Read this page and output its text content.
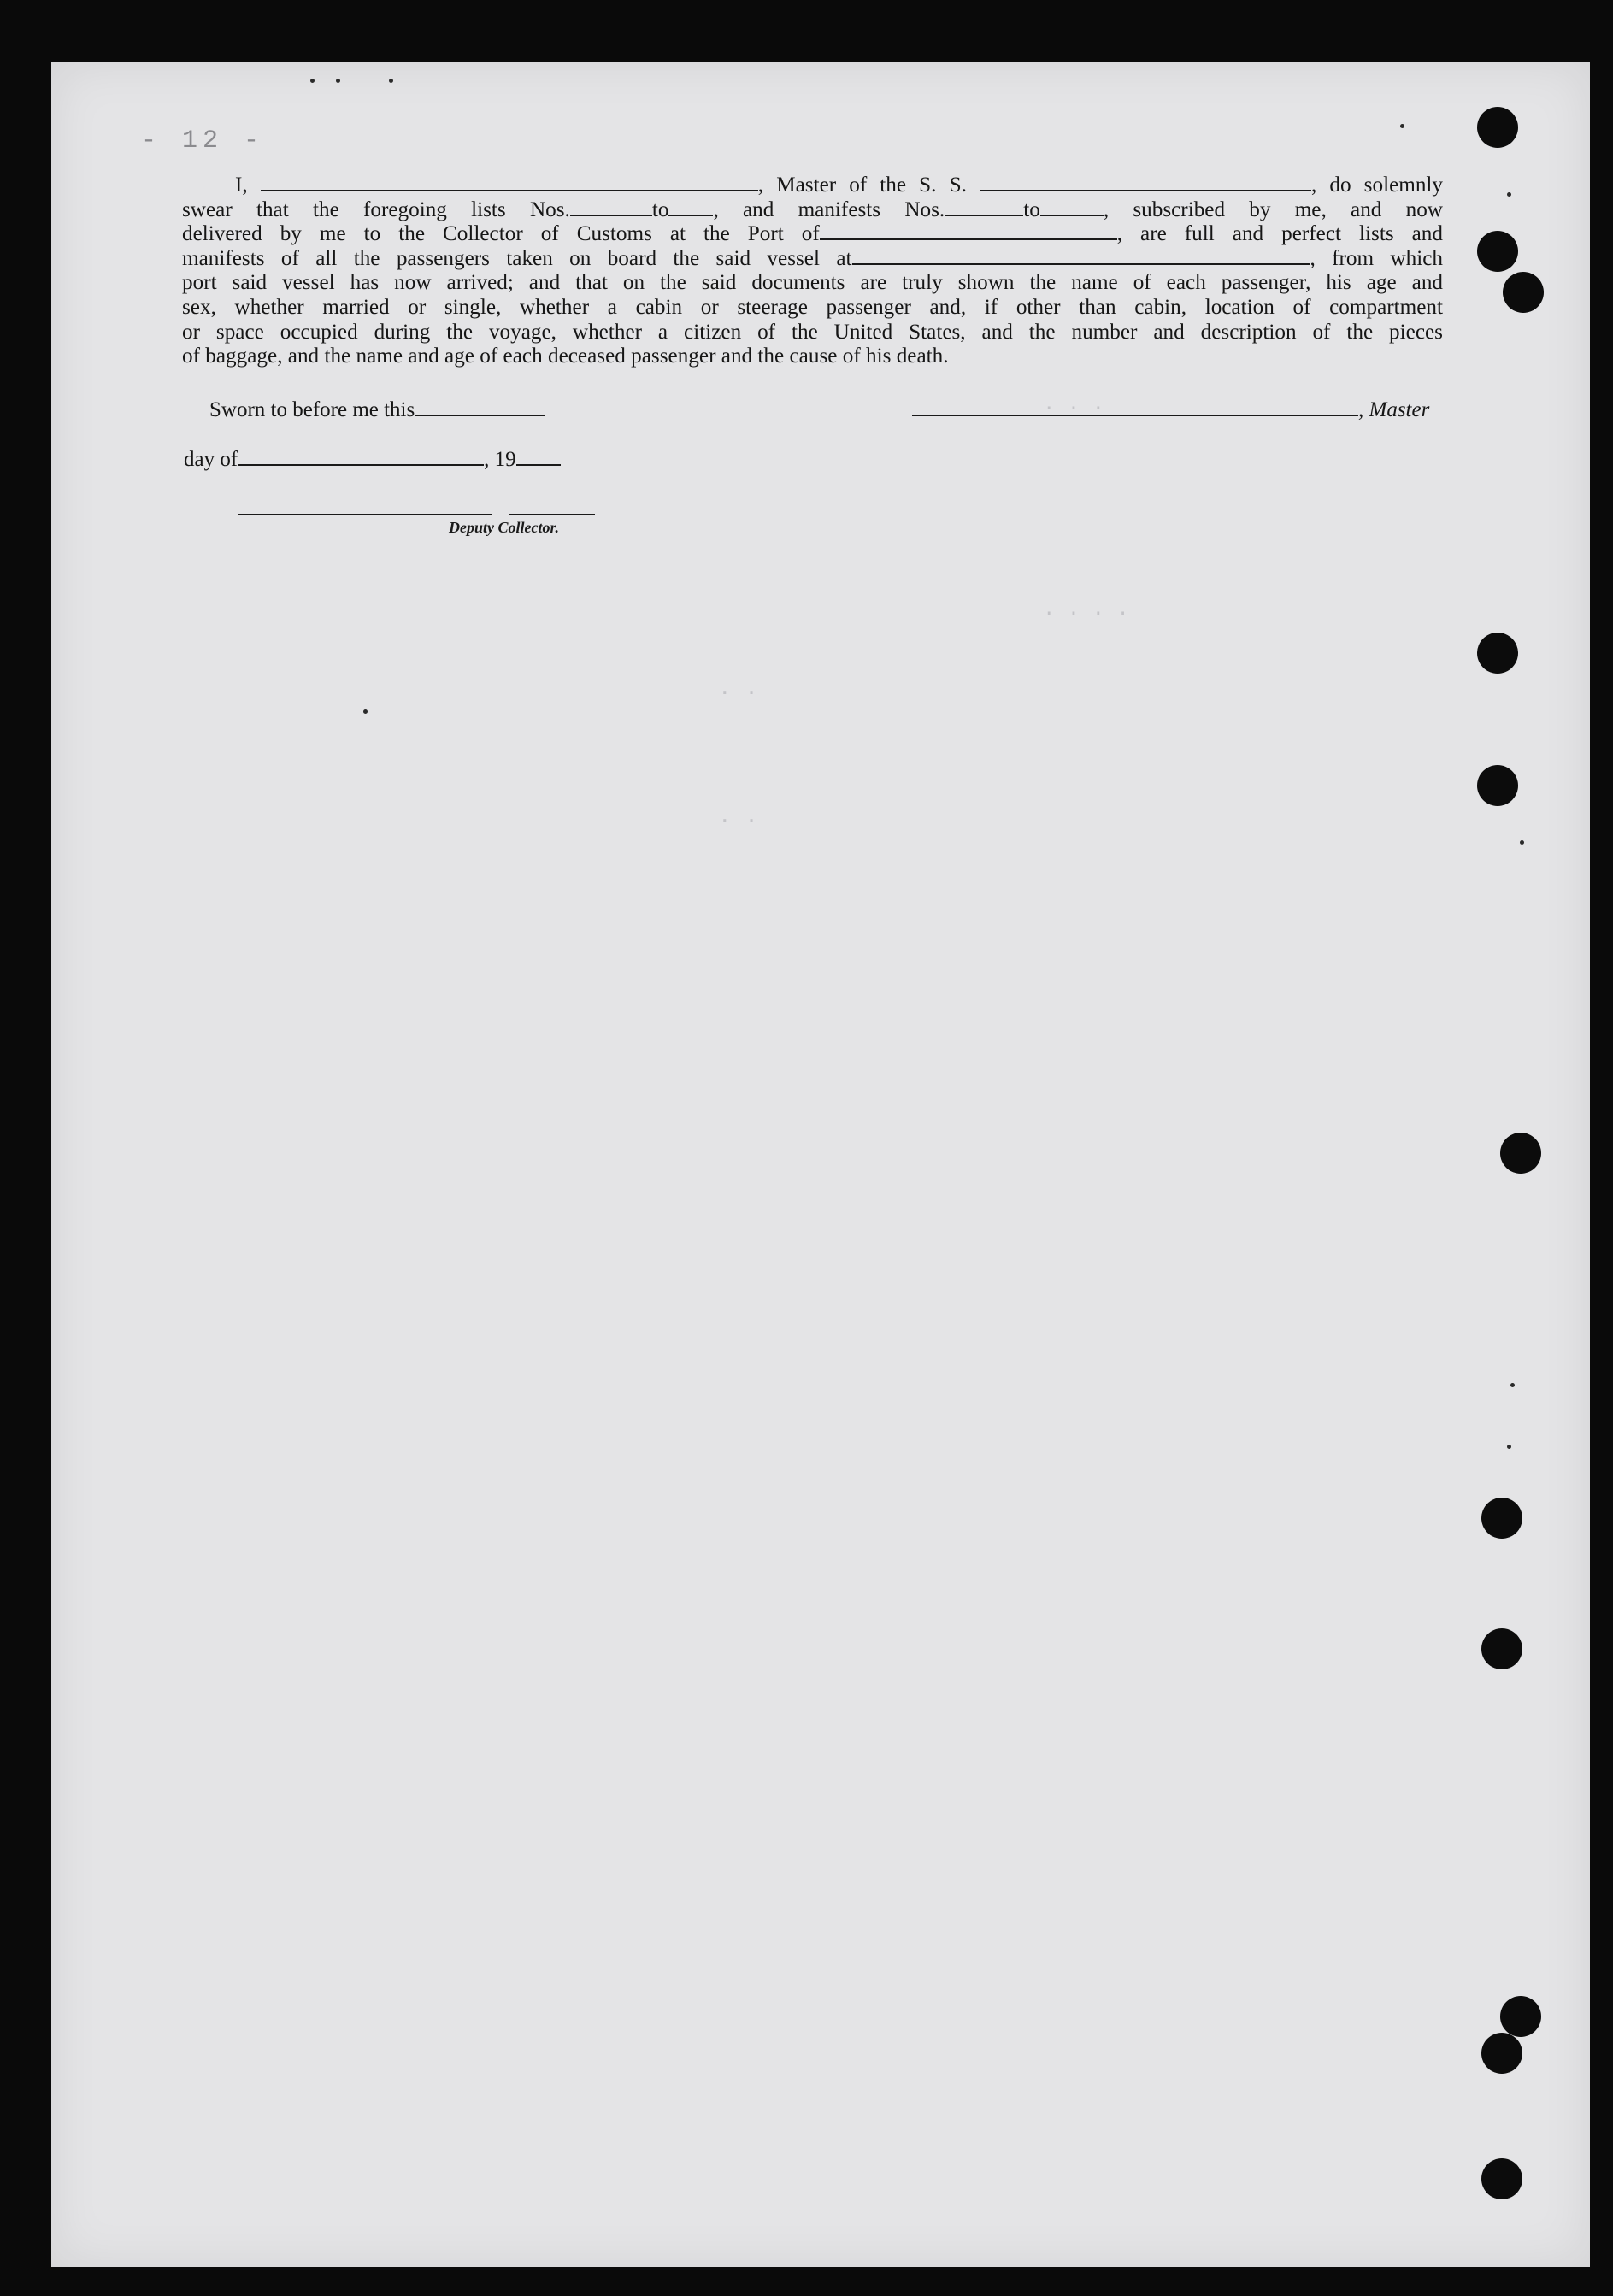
- 12 -
. .
. .
. . .
. . . .
I,	, Master of the S. S.	, do solemnly
swear that the foregoing lists Nos.	to , and manifests Nos.	to	, subscribed by me, and now
delivered by me to the Collector of Customs at the Port of	, are full and perfect lists and
manifests of all the passengers taken on board the said vessel at	, from which
port said vessel has now arrived; and that on the said documents are truly shown the name of each passenger, his age and
sex, whether married or single, whether a cabin or steerage passenger and, if other than cabin, location of compartment
or space occupied during the voyage, whether a citizen of the United States, and the number and description of the pieces
of baggage, and the name and age of each deceased passenger and the cause of his death.
Sworn to before me this	, Master
day of	, 19

Deputy Collector.
